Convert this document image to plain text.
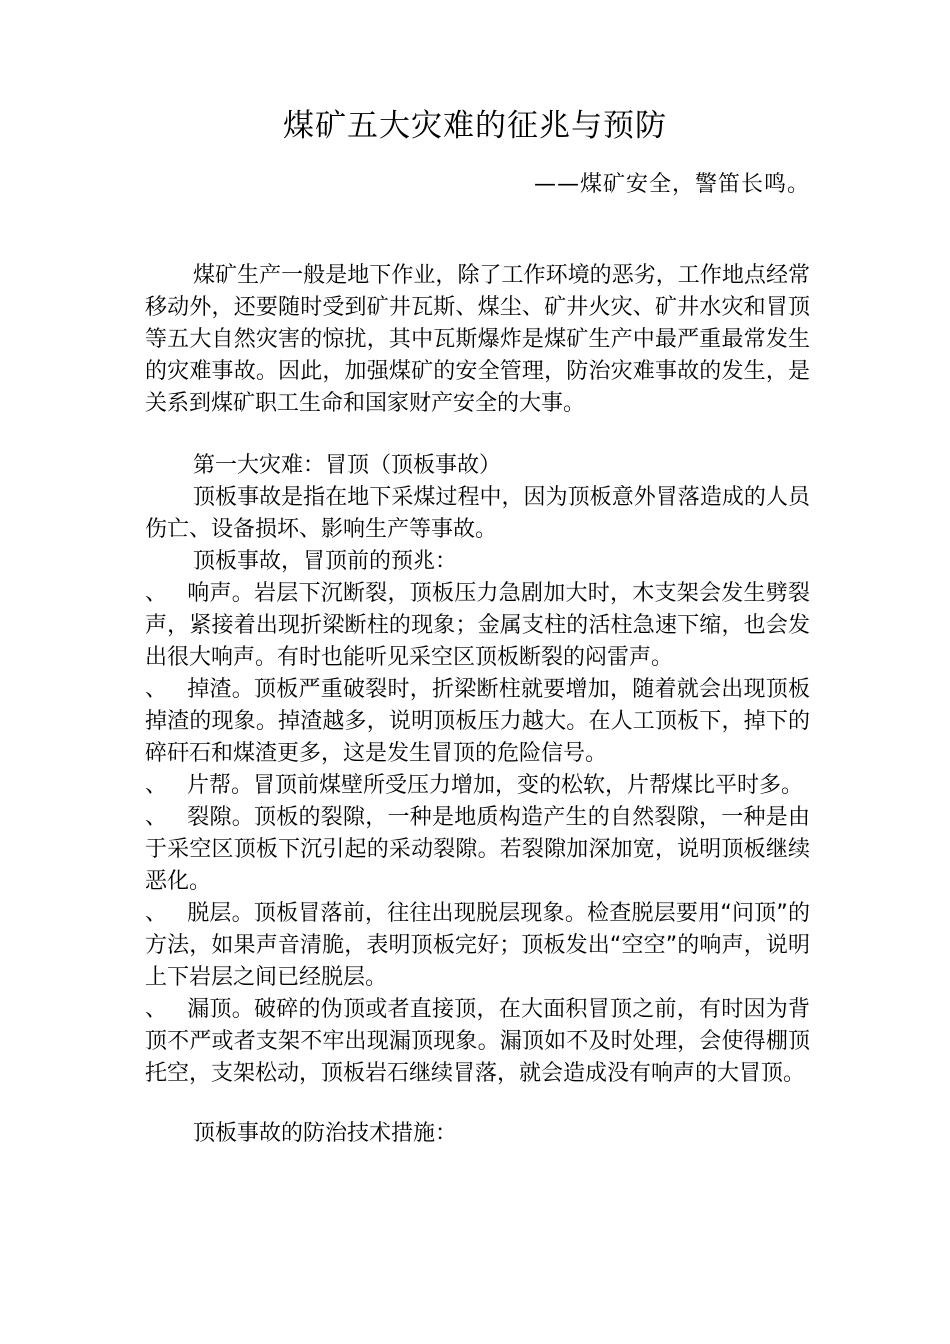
煤矿五大灾难的征兆与预防
——煤矿安全，警笛长鸣。

煤矿生产一般是地下作业，除了工作环境的恶劣，工作地点经常移动外，还要随时受到矿井瓦斯、煤尘、矿井火灾、矿井水灾和冒顶等五大自然灾害的惊扰，其中瓦斯爆炸是煤矿生产中最严重最常发生的灾难事故。因此，加强煤矿的安全管理，防治灾难事故的发生，是关系到煤矿职工生命和国家财产安全的大事。

第一大灾难：冒顶（顶板事故）

顶板事故是指在地下采煤过程中，因为顶板意外冒落造成的人员伤亡、设备损坏、影响生产等事故。

顶板事故，冒顶前的预兆：

、 响声。岩层下沉断裂，顶板压力急剧加大时，木支架会发生劈裂声，紧接着出现折梁断柱的现象；金属支柱的活柱急速下缩，也会发出很大响声。有时也能听见采空区顶板断裂的闷雷声。

、 掉渣。顶板严重破裂时，折梁断柱就要增加，随着就会出现顶板掉渣的现象。掉渣越多，说明顶板压力越大。在人工顶板下，掉下的碎矸石和煤渣更多，这是发生冒顶的危险信号。

、 片帮。冒顶前煤壁所受压力增加，变的松软，片帮煤比平时多。

、 裂隙。顶板的裂隙，一种是地质构造产生的自然裂隙，一种是由于采空区顶板下沉引起的采动裂隙。若裂隙加深加宽，说明顶板继续恶化。

、 脱层。顶板冒落前，往往出现脱层现象。检查脱层要用“问顶”的方法，如果声音清脆，表明顶板完好；顶板发出“空空”的响声，说明上下岩层之间已经脱层。

、 漏顶。破碎的伪顶或者直接顶，在大面积冒顶之前，有时因为背顶不严或者支架不牢出现漏顶现象。漏顶如不及时处理，会使得棚顶托空，支架松动，顶板岩石继续冒落，就会造成没有响声的大冒顶。

顶板事故的防治技术措施：
